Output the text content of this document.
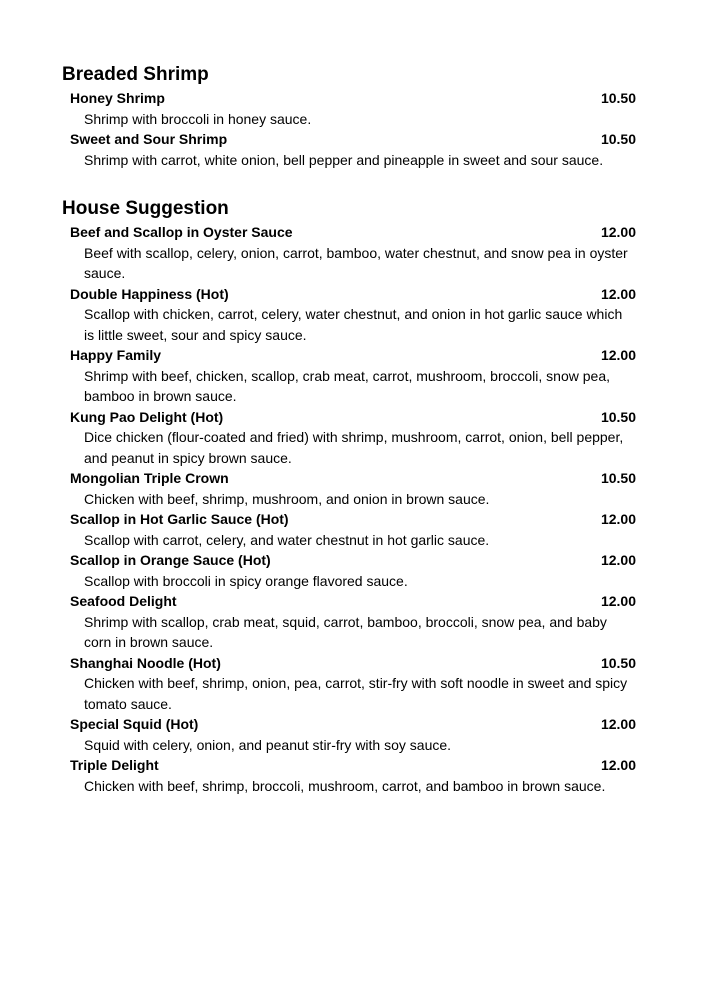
Breaded Shrimp
Honey Shrimp	10.50
Shrimp with broccoli in honey sauce.
Sweet and Sour Shrimp	10.50
Shrimp with carrot, white onion, bell pepper and pineapple in sweet and sour sauce.
House Suggestion
Beef and Scallop in Oyster Sauce	12.00
Beef with scallop, celery, onion, carrot, bamboo, water chestnut, and snow pea in oyster sauce.
Double Happiness (Hot)	12.00
Scallop with chicken, carrot, celery, water chestnut, and onion in hot garlic sauce which is little sweet, sour and spicy sauce.
Happy Family	12.00
Shrimp with beef, chicken, scallop, crab meat, carrot, mushroom, broccoli, snow pea, bamboo in brown sauce.
Kung Pao Delight (Hot)	10.50
Dice chicken (flour-coated and fried) with shrimp, mushroom, carrot, onion, bell pepper, and peanut in spicy brown sauce.
Mongolian Triple Crown	10.50
Chicken with beef, shrimp, mushroom, and onion in brown sauce.
Scallop in Hot Garlic Sauce (Hot)	12.00
Scallop with carrot, celery, and water chestnut in hot garlic sauce.
Scallop in Orange Sauce (Hot)	12.00
Scallop with broccoli in spicy orange flavored sauce.
Seafood Delight	12.00
Shrimp with scallop, crab meat, squid, carrot, bamboo, broccoli, snow pea, and baby corn in brown sauce.
Shanghai Noodle (Hot)	10.50
Chicken with beef, shrimp, onion, pea, carrot, stir-fry with soft noodle in sweet and spicy tomato sauce.
Special Squid (Hot)	12.00
Squid with celery, onion, and peanut stir-fry with soy sauce.
Triple Delight	12.00
Chicken with beef, shrimp, broccoli, mushroom, carrot, and bamboo in brown sauce.
